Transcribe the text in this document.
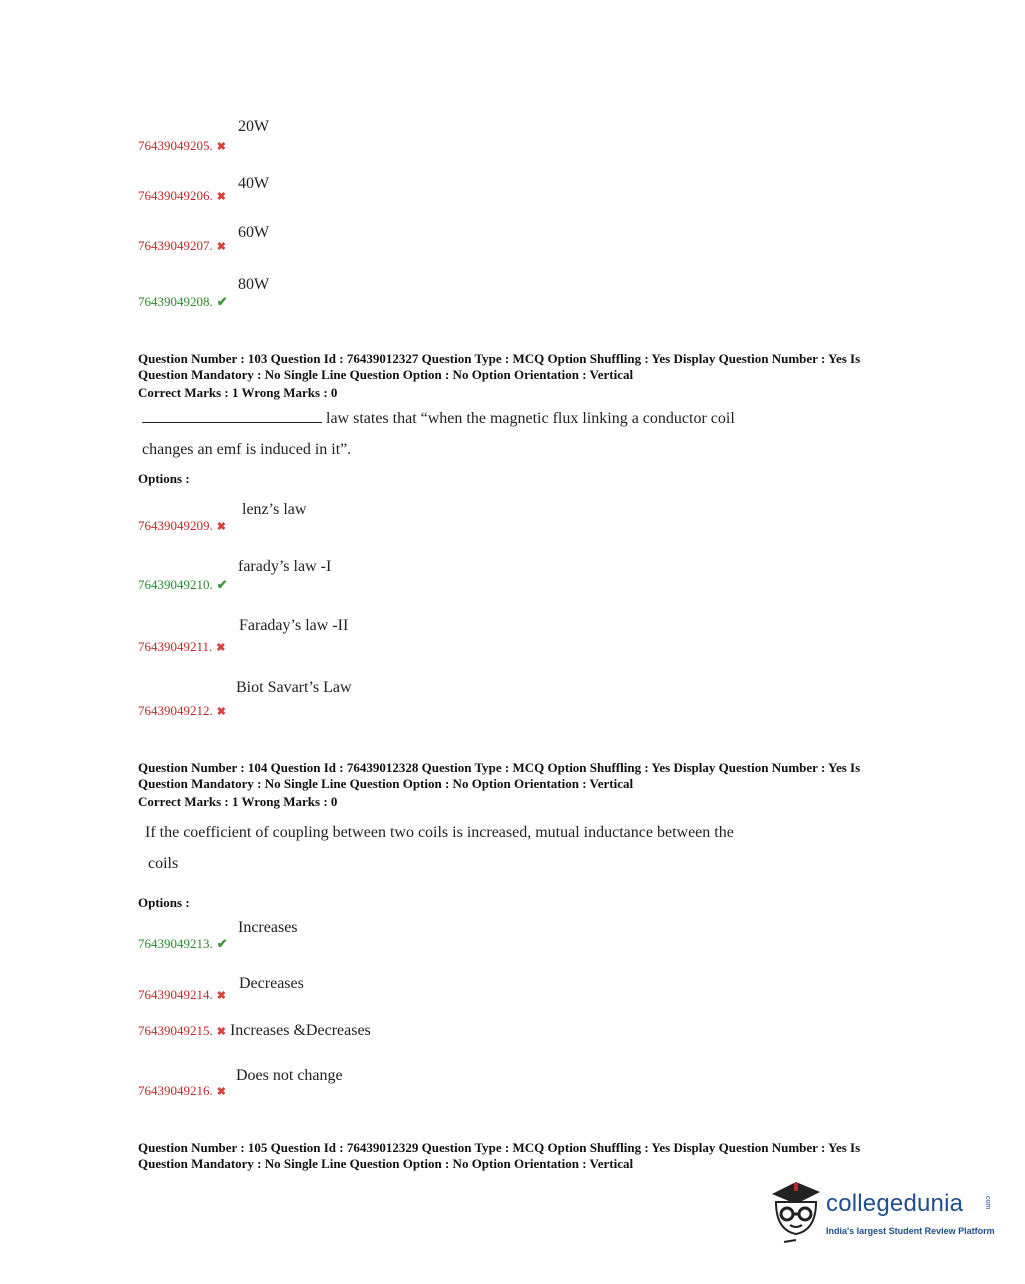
20W
76439049205. ✖
40W
76439049206. ✖
60W
76439049207. ✖
80W
76439049208. ✔
Question Number : 103 Question Id : 76439012327 Question Type : MCQ Option Shuffling : Yes Display Question Number : Yes Is
Question Mandatory : No Single Line Question Option : No Option Orientation : Vertical
Correct Marks : 1 Wrong Marks : 0
law states that “when the magnetic flux linking a conductor coil
changes an emf is induced in it”.
Options :
lenz’s law
76439049209. ✖
farady’s law -I
76439049210. ✔
Faraday’s law -II
76439049211. ✖
Biot Savart’s Law
76439049212. ✖
Question Number : 104 Question Id : 76439012328 Question Type : MCQ Option Shuffling : Yes Display Question Number : Yes Is
Question Mandatory : No Single Line Question Option : No Option Orientation : Vertical
Correct Marks : 1 Wrong Marks : 0
If the coefficient of coupling between two coils is increased, mutual inductance between the
coils
Options :
Increases
76439049213. ✔
Decreases
76439049214. ✖
76439049215. ✖ Increases &Decreases
Does not change
76439049216. ✖
Question Number : 105 Question Id : 76439012329 Question Type : MCQ Option Shuffling : Yes Display Question Number : Yes Is
Question Mandatory : No Single Line Question Option : No Option Orientation : Vertical
collegedunia	.com
India's largest Student Review Platform
